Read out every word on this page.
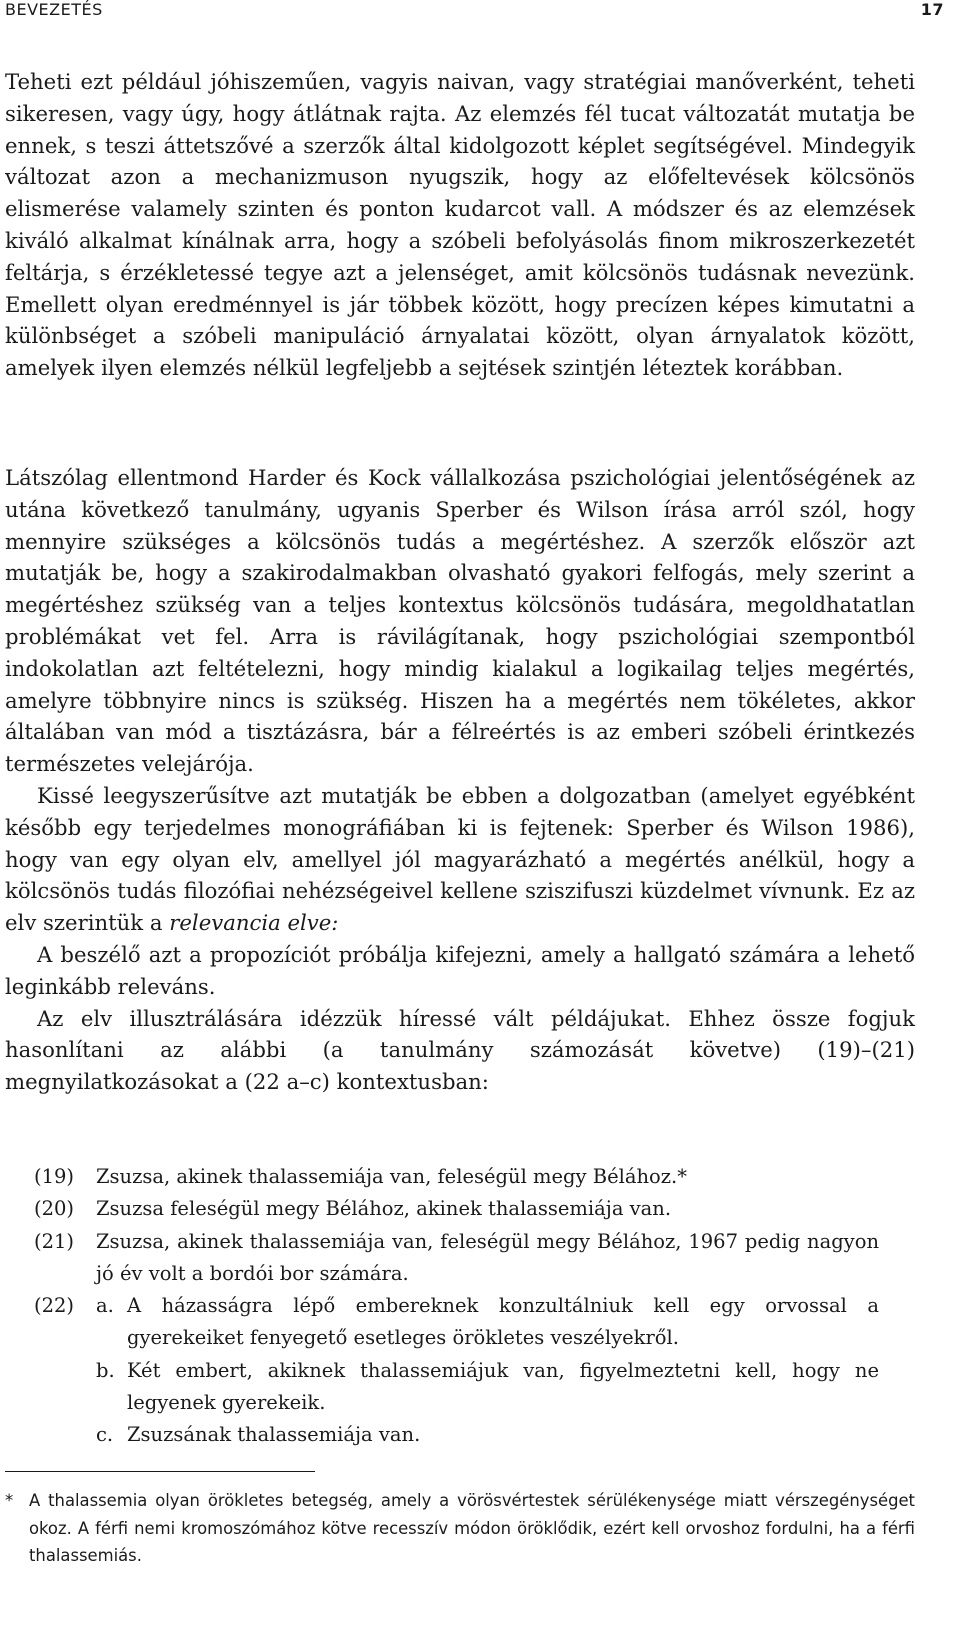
BEVEZETÉS	17

Teheti ezt például jóhiszeműen, vagyis naivan, vagy stratégiai manőverként, teheti sikeresen, vagy úgy, hogy átlátnak rajta. Az elemzés fél tucat változatát mutatja be ennek, s teszi áttetszővé a szerzők által kidolgozott képlet segítségével. Mindegyik változat azon a mechanizmuson nyugszik, hogy az előfeltevések kölcsönös elismerése valamely szinten és ponton kudarcot vall. A módszer és az elemzések kiváló alkalmat kínálnak arra, hogy a szóbeli befolyásolás finom mikroszerkezetét feltárja, s érzékletessé tegye azt a jelenséget, amit kölcsönös tudásnak nevezünk. Emellett olyan eredménnyel is jár többek között, hogy precízen képes kimutatni a különbséget a szóbeli manipuláció árnyalatai között, olyan árnyalatok között, amelyek ilyen elemzés nélkül legfeljebb a sejtések szintjén léteztek korábban.

Látszólag ellentmond Harder és Kock vállalkozása pszichológiai jelentőségének az utána következő tanulmány, ugyanis Sperber és Wilson írása arról szól, hogy mennyire szükséges a kölcsönös tudás a megértéshez. A szerzők először azt mutatják be, hogy a szakirodalmakban olvasható gyakori felfogás, mely szerint a megértéshez szükség van a teljes kontextus kölcsönös tudására, megoldhatatlan problémákat vet fel. Arra is rávilágítanak, hogy pszichológiai szempontból indokolatlan azt feltételezni, hogy mindig kialakul a logikailag teljes megértés, amelyre többnyire nincs is szükség. Hiszen ha a megértés nem tökéletes, akkor általában van mód a tisztázásra, bár a félreértés is az emberi szóbeli érintkezés természetes velejárója.

Kissé leegyszerűsítve azt mutatják be ebben a dolgozatban (amelyet egyébként később egy terjedelmes monográfiában ki is fejtenek: Sperber és Wilson 1986), hogy van egy olyan elv, amellyel jól magyarázható a megértés anélkül, hogy a kölcsönös tudás filozófiai nehézségeivel kellene sziszifuszi küzdelmet vívnunk. Ez az elv szerintük a relevancia elve:

A beszélő azt a propozíciót próbálja kifejezni, amely a hallgató számára a lehető leginkább releváns.

Az elv illusztrálására idézzük híressé vált példájukat. Ehhez össze fogjuk hasonlítani az alábbi (a tanulmány számozását követve) (19)–(21) megnyilatkozásokat a (22 a–c) kontextusban:

(19)	Zsuzsa, akinek thalassemiája van, feleségül megy Bélához.*
(20)	Zsuzsa feleségül megy Bélához, akinek thalassemiája van.
(21)	Zsuzsa, akinek thalassemiája van, feleségül megy Bélához, 1967 pedig nagyon jó év volt a bordói bor számára.
(22)	a. A házasságra lépő embereknek konzultálniuk kell egy orvossal a gyerekeiket fenyegető esetleges örökletes veszélyekről.
b. Két embert, akiknek thalassemiájuk van, figyelmeztetni kell, hogy ne legyenek gyerekeik.
c. Zsuzsának thalassemiája van.
* A thalassemia olyan örökletes betegség, amely a vörösvértestek sérülékenysége miatt vérszegénységet okoz. A férfi nemi kromoszómához kötve recesszív módon öröklődik, ezért kell orvoshoz fordulni, ha a férfi thalassemiás.
